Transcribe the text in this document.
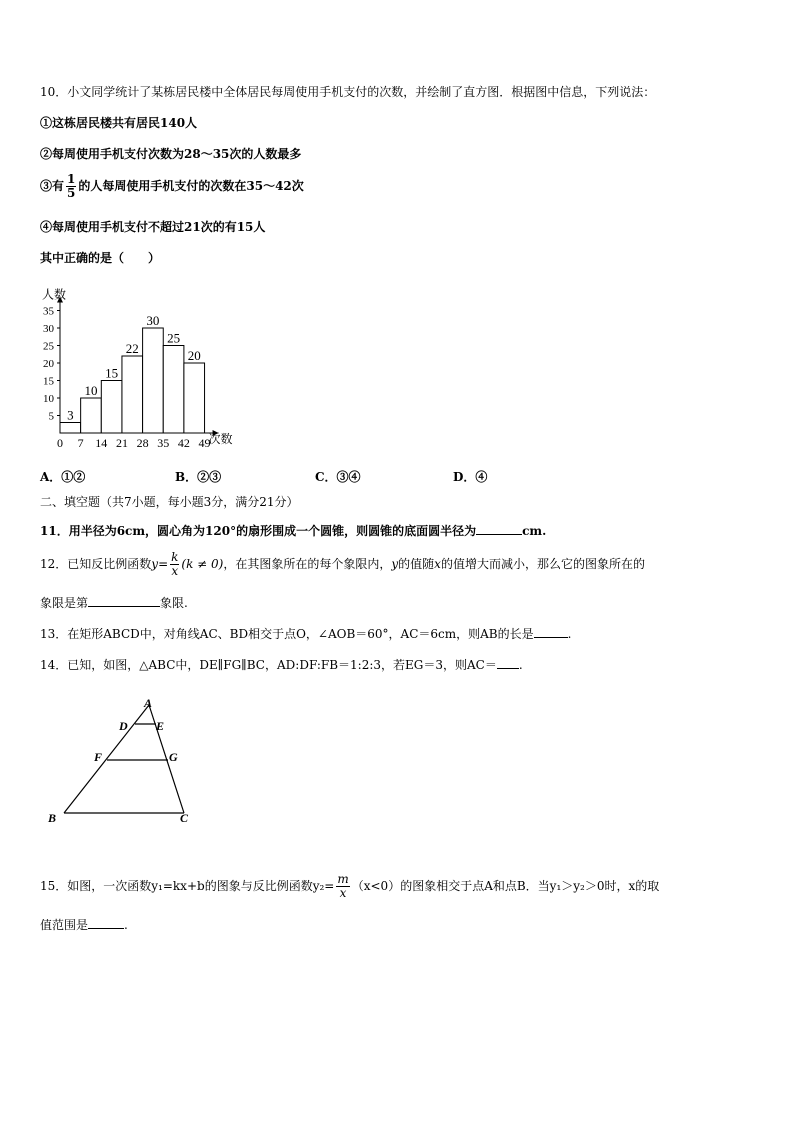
10．小文同学统计了某栋居民楼中全体居民每周使用手机支付的次数，并绘制了直方图．根据图中信息，下列说法：
①这栋居民楼共有居民140人
②每周使用手机支付次数为28～35次的人数最多
③有 $\frac{1}{5}$ 的人每周使用手机支付的次数在35～42次
④每周使用手机支付不超过21次的有15人
其中正确的是（　　）
人数
次数
5
10
15
20
25
30
35
0 7 14 21 28 35 42 49
3
10
15
22
30
25
20
A．①②	B．②③	C．③④	D．④
二、填空题（共7小题，每小题3分，满分21分）
11．用半径为6cm，圆心角为120°的扇形围成一个圆锥，则圆锥的底面圆半径为	cm.
12．已知反比例函数$y= \frac{k}{x} (k \ne 0)$，在其图象所在的每个象限内，y的值随x的值增大而减小，那么它的图象所在的
象限是第	象限.
13．在矩形ABCD中，对角线AC、BD相交于点O，∠AOB＝60°，AC＝6cm，则AB的长是	.
14．已知，如图，△ABC中，DE∥FG∥BC，AD:DF:FB＝1:2:3，若EG＝3，则AC＝ .
A
D E
F	G
B	C
15．如图，一次函数y₁=kx+b的图象与反比例函数$y_2= \frac{m}{x} (x<0)$的图象相交于点A和点B．当y₁＞y₂＞0时，x的取
值范围是	.
